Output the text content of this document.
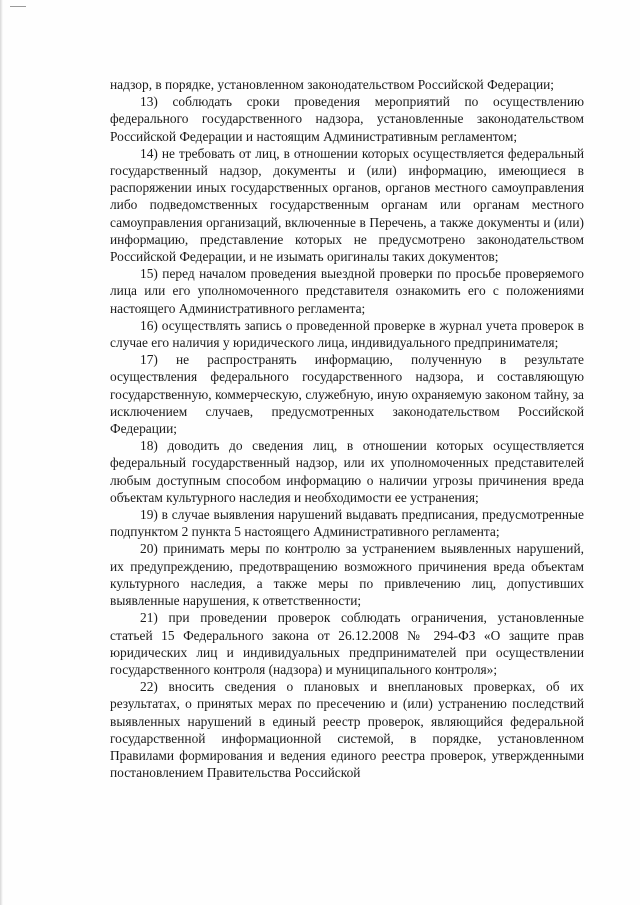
надзор, в порядке, установленном законодательством Российской Федерации;

13) соблюдать сроки проведения мероприятий по осуществлению федерального государственного надзора, установленные законодательством Российской Федерации и настоящим Административным регламентом;

14) не требовать от лиц, в отношении которых осуществляется федеральный государственный надзор, документы и (или) информацию, имеющиеся в распоряжении иных государственных органов, органов местного самоуправления либо подведомственных государственным органам или органам местного самоуправления организаций, включенные в Перечень, а также документы и (или) информацию, представление которых не предусмотрено законодательством Российской Федерации, и не изымать оригиналы таких документов;

15) перед началом проведения выездной проверки по просьбе проверяемого лица или его уполномоченного представителя ознакомить его с положениями настоящего Административного регламента;

16) осуществлять запись о проведенной проверке в журнал учета проверок в случае его наличия у юридического лица, индивидуального предпринимателя;

17) не распространять информацию, полученную в результате осуществления федерального государственного надзора, и составляющую государственную, коммерческую, служебную, иную охраняемую законом тайну, за исключением случаев, предусмотренных законодательством Российской Федерации;

18) доводить до сведения лиц, в отношении которых осуществляется федеральный государственный надзор, или их уполномоченных представителей любым доступным способом информацию о наличии угрозы причинения вреда объектам культурного наследия и необходимости ее устранения;

19) в случае выявления нарушений выдавать предписания, предусмотренные подпунктом 2 пункта 5 настоящего Административного регламента;

20) принимать меры по контролю за устранением выявленных нарушений, их предупреждению, предотвращению возможного причинения вреда объектам культурного наследия, а также меры по привлечению лиц, допустивших выявленные нарушения, к ответственности;

21) при проведении проверок соблюдать ограничения, установленные статьей 15 Федерального закона от 26.12.2008 № 294-ФЗ «О защите прав юридических лиц и индивидуальных предпринимателей при осуществлении государственного контроля (надзора) и муниципального контроля»;

22) вносить сведения о плановых и внеплановых проверках, об их результатах, о принятых мерах по пресечению и (или) устранению последствий выявленных нарушений в единый реестр проверок, являющийся федеральной государственной информационной системой, в порядке, установленном Правилами формирования и ведения единого реестра проверок, утвержденными постановлением Правительства Российской
